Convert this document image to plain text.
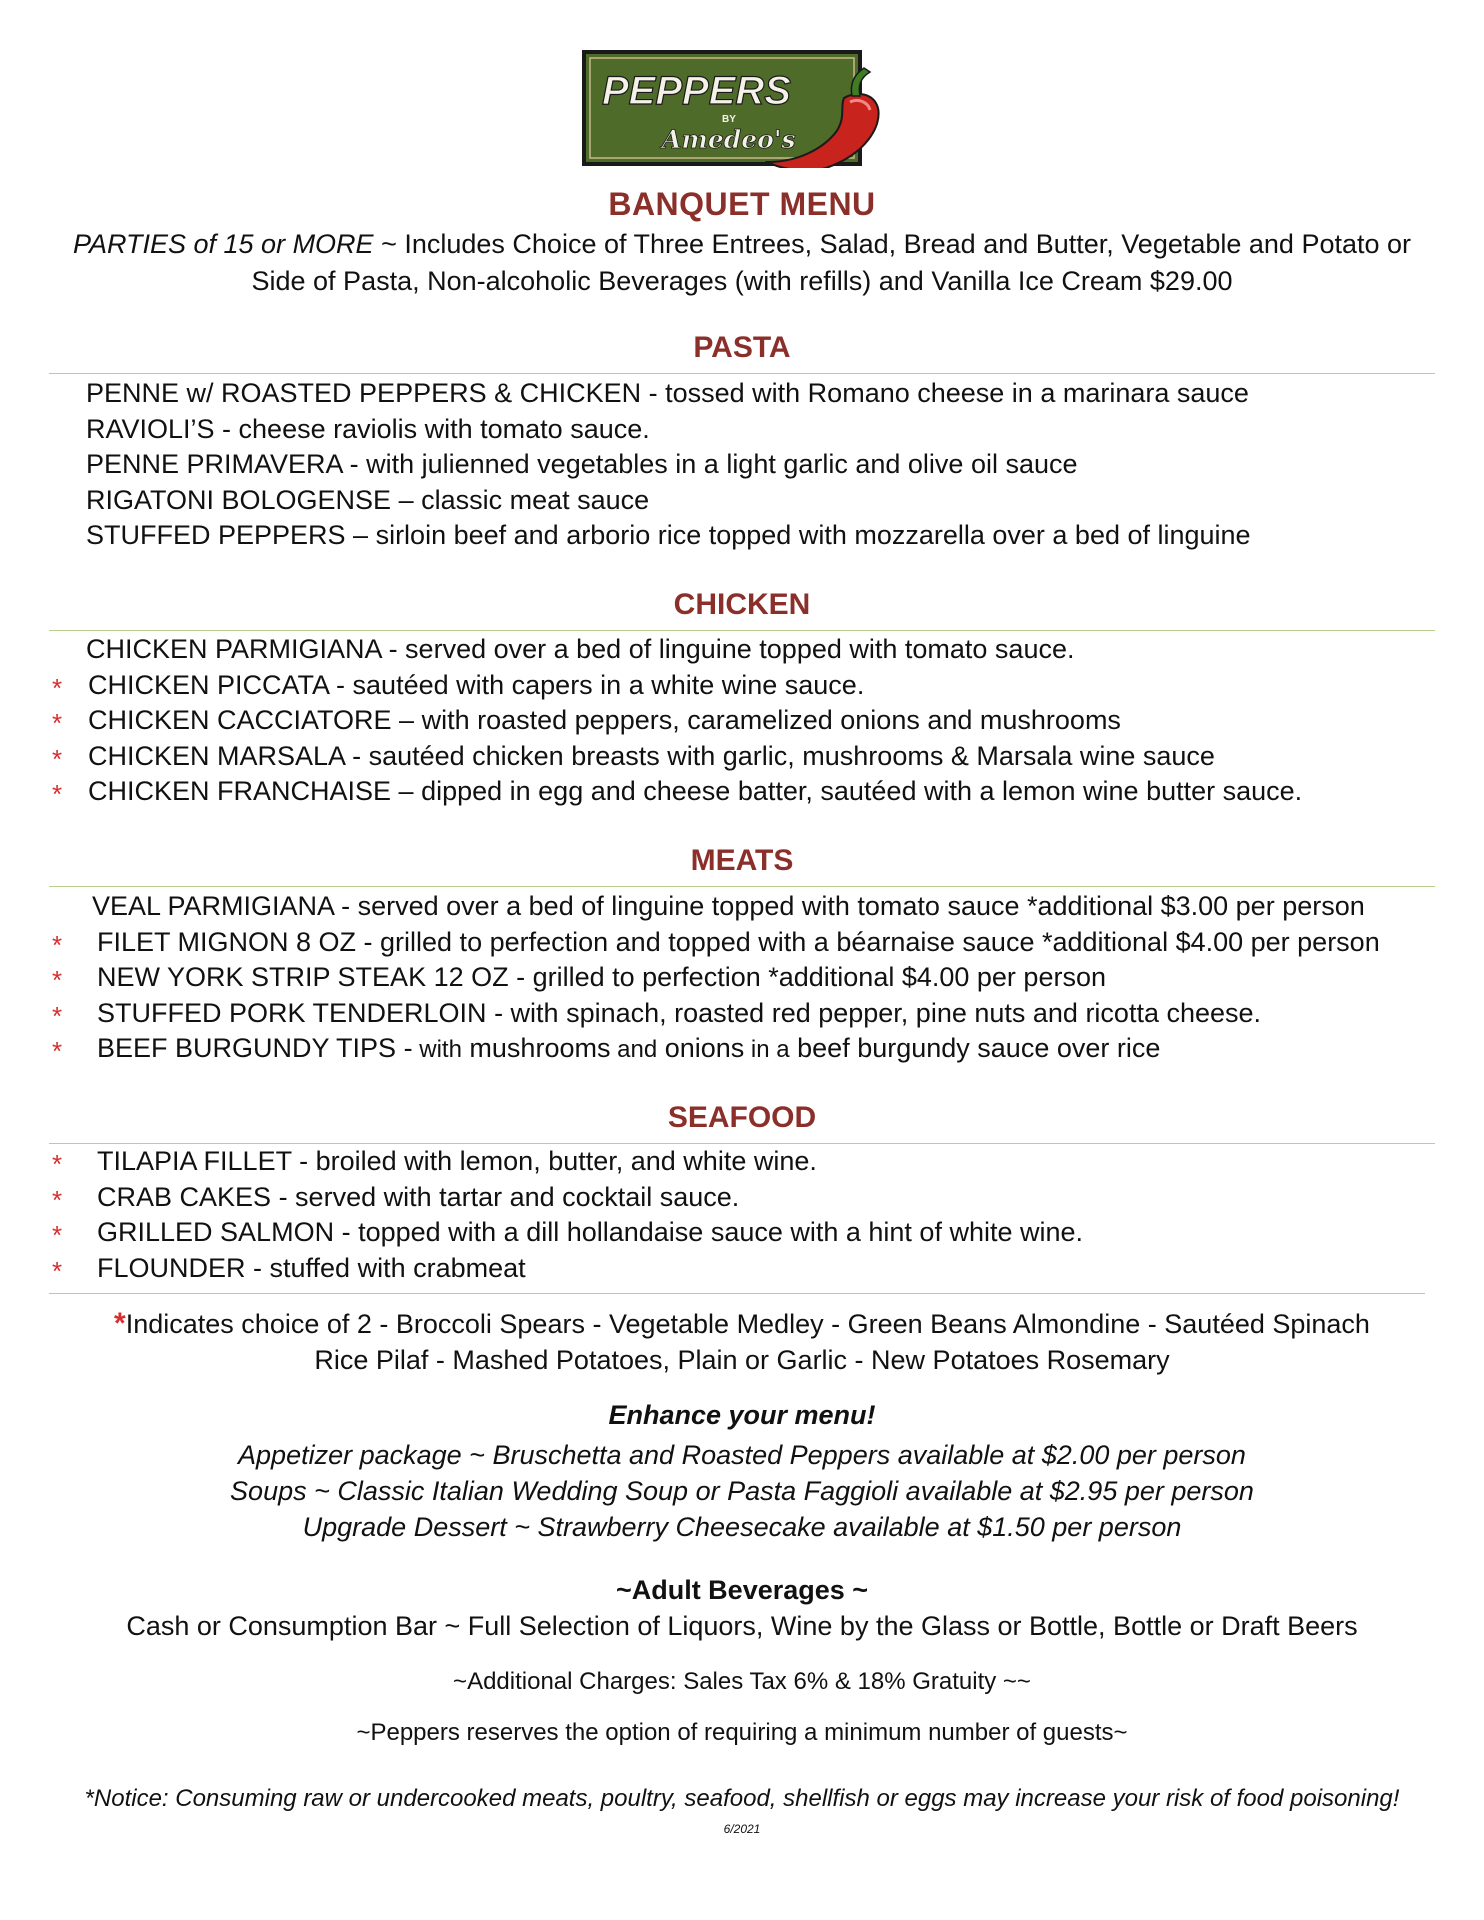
PEPPERS
BY
Amedeo's
BANQUET MENU
PARTIES of 15 or MORE ~ Includes Choice of Three Entrees, Salad, Bread and Butter, Vegetable and Potato or
Side of Pasta, Non-alcoholic Beverages (with refills) and Vanilla Ice Cream $29.00
PASTA
PENNE w/ ROASTED PEPPERS & CHICKEN - tossed with Romano cheese in a marinara sauce
RAVIOLI’S - cheese raviolis with tomato sauce.
PENNE PRIMAVERA - with julienned vegetables in a light garlic and olive oil sauce
RIGATONI BOLOGENSE – classic meat sauce
STUFFED PEPPERS – sirloin beef and arborio rice topped with mozzarella over a bed of linguine
CHICKEN
CHICKEN PARMIGIANA - served over a bed of linguine topped with tomato sauce.
* CHICKEN PICCATA - sautéed with capers in a white wine sauce.
* CHICKEN CACCIATORE – with roasted peppers, caramelized onions and mushrooms
* CHICKEN MARSALA - sautéed chicken breasts with garlic, mushrooms & Marsala wine sauce
* CHICKEN FRANCHAISE – dipped in egg and cheese batter, sautéed with a lemon wine butter sauce.
MEATS
VEAL PARMIGIANA - served over a bed of linguine topped with tomato sauce *additional $3.00 per person
* FILET MIGNON 8 OZ - grilled to perfection and topped with a béarnaise sauce *additional $4.00 per person
* NEW YORK STRIP STEAK 12 OZ - grilled to perfection *additional $4.00 per person
* STUFFED PORK TENDERLOIN - with spinach, roasted red pepper, pine nuts and ricotta cheese.
* BEEF BURGUNDY TIPS - with mushrooms and onions in a beef burgundy sauce over rice
SEAFOOD
* TILAPIA FILLET - broiled with lemon, butter, and white wine.
* CRAB CAKES - served with tartar and cocktail sauce.
* GRILLED SALMON - topped with a dill hollandaise sauce with a hint of white wine.
* FLOUNDER - stuffed with crabmeat
*Indicates choice of 2 - Broccoli Spears - Vegetable Medley - Green Beans Almondine - Sautéed Spinach
Rice Pilaf - Mashed Potatoes, Plain or Garlic - New Potatoes Rosemary
Enhance your menu!
Appetizer package ~ Bruschetta and Roasted Peppers available at $2.00 per person
Soups ~ Classic Italian Wedding Soup or Pasta Faggioli available at $2.95 per person
Upgrade Dessert ~ Strawberry Cheesecake available at $1.50 per person
~Adult Beverages ~
Cash or Consumption Bar ~ Full Selection of Liquors, Wine by the Glass or Bottle, Bottle or Draft Beers
~Additional Charges: Sales Tax 6% & 18% Gratuity ~~
~Peppers reserves the option of requiring a minimum number of guests~
*Notice: Consuming raw or undercooked meats, poultry, seafood, shellfish or eggs may increase your risk of food poisoning!
6/2021
